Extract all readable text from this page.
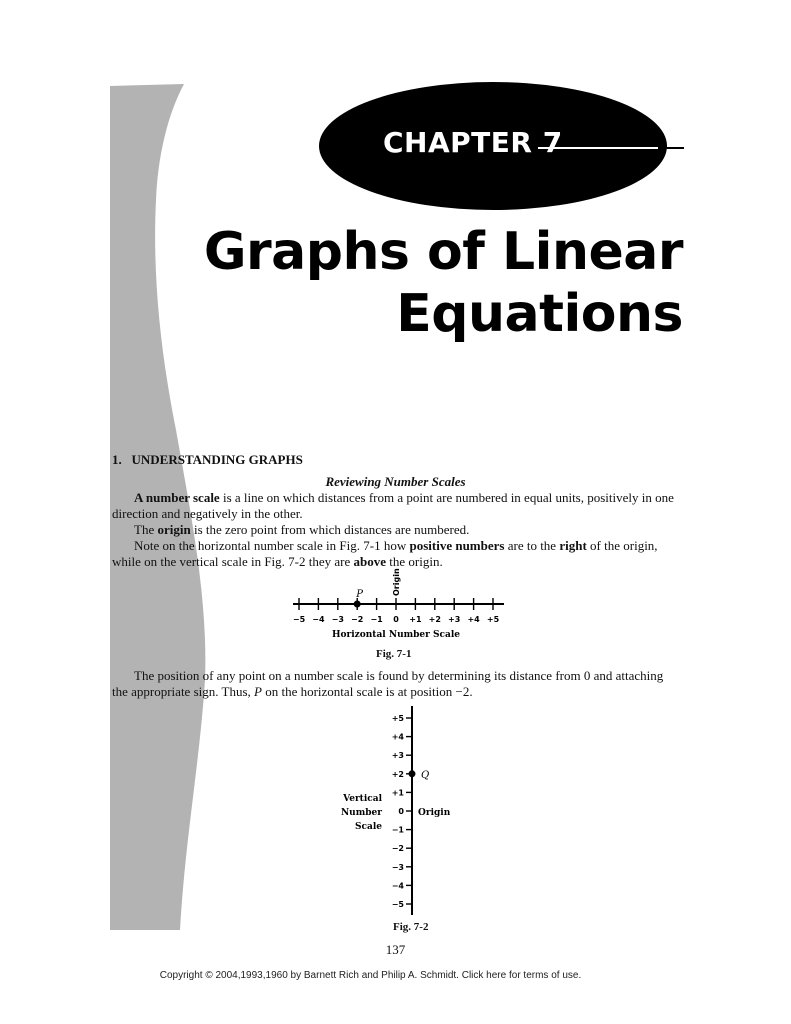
CHAPTER 7
Graphs of Linear
Equations
1. UNDERSTANDING GRAPHS
Reviewing Number Scales

A number scale is a line on which distances from a point are numbered in equal units, positively in one direction and negatively in the other.

The origin is the zero point from which distances are numbered.

Note on the horizontal number scale in Fig. 7-1 how positive numbers are to the right of the origin, while on the vertical scale in Fig. 7-2 they are above the origin.

−5 −4 −3 −2 −1 0 +1 +2 +3 +4 +5
Origin
P
Horizontal Number Scale
Fig. 7-1

The position of any point on a number scale is found by determining its distance from 0 and attaching the appropriate sign. Thus, P on the horizontal scale is at position −2.

+5
+4
+3
+2
+1
0
−1
−2
−3
−4
−5
Q
Origin
Vertical
Number
Scale
Fig. 7-2
137
Copyright © 2004,1993,1960 by Barnett Rich and Philip A. Schmidt. Click here for terms of use.
